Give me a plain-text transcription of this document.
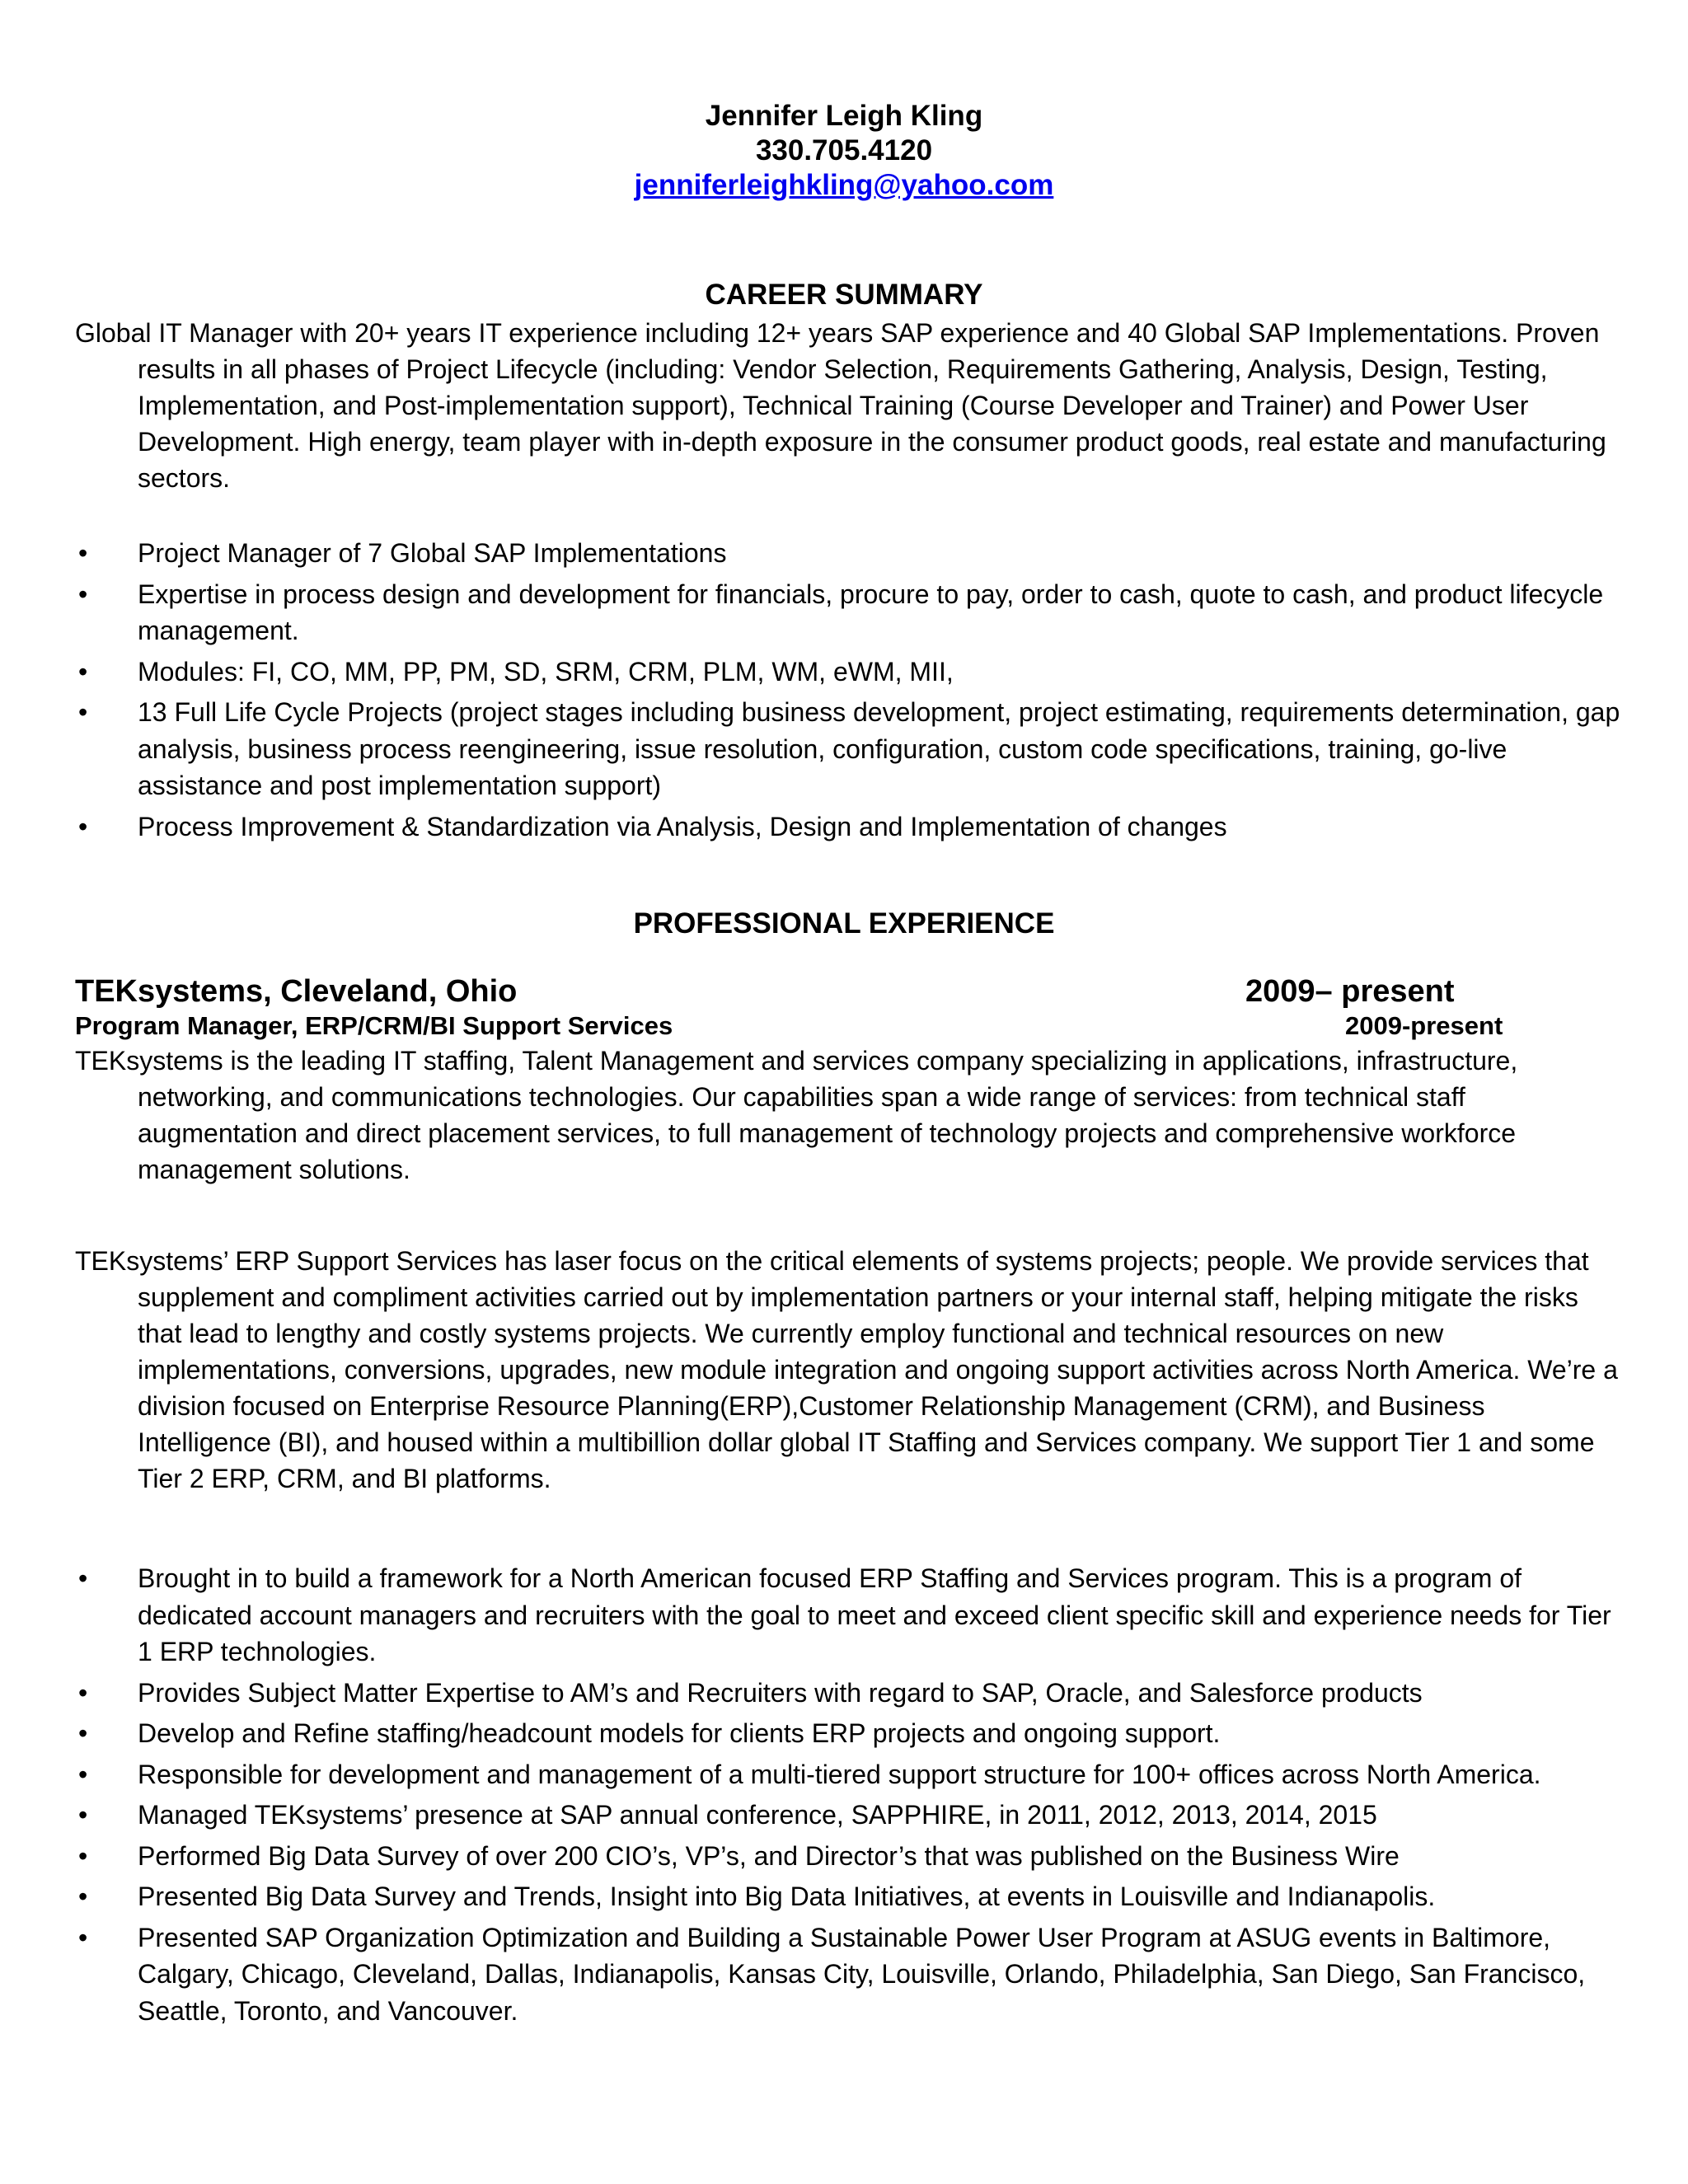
Jennifer Leigh Kling
330.705.4120
jenniferleighkling@yahoo.com
CAREER SUMMARY
Global IT Manager with 20+ years IT experience including 12+ years SAP experience and 40 Global SAP Implementations. Proven results in all phases of Project Lifecycle (including: Vendor Selection, Requirements Gathering, Analysis, Design, Testing, Implementation, and Post-implementation support), Technical Training (Course Developer and Trainer) and Power User Development. High energy, team player with in-depth exposure in the consumer product goods, real estate and manufacturing sectors.
• Project Manager of 7 Global SAP Implementations
• Expertise in process design and development for financials, procure to pay, order to cash, quote to cash, and product lifecycle management.
• Modules: FI, CO, MM, PP, PM, SD, SRM, CRM, PLM, WM, eWM, MII,
• 13 Full Life Cycle Projects (project stages including business development, project estimating, requirements determination, gap analysis, business process reengineering, issue resolution, configuration, custom code specifications, training, go-live assistance and post implementation support)
• Process Improvement & Standardization via Analysis, Design and Implementation of changes
PROFESSIONAL EXPERIENCE
TEKsystems, Cleveland, Ohio	2009– present
Program Manager, ERP/CRM/BI Support Services	2009-present
TEKsystems is the leading IT staffing, Talent Management and services company specializing in applications, infrastructure, networking, and communications technologies. Our capabilities span a wide range of services: from technical staff augmentation and direct placement services, to full management of technology projects and comprehensive workforce management solutions.
TEKsystems’ ERP Support Services has laser focus on the critical elements of systems projects; people. We provide services that supplement and compliment activities carried out by implementation partners or your internal staff, helping mitigate the risks that lead to lengthy and costly systems projects. We currently employ functional and technical resources on new implementations, conversions, upgrades, new module integration and ongoing support activities across North America. We’re a division focused on Enterprise Resource Planning(ERP),Customer Relationship Management (CRM), and Business Intelligence (BI), and housed within a multibillion dollar global IT Staffing and Services company. We support Tier 1 and some Tier 2 ERP, CRM, and BI platforms.
• Brought in to build a framework for a North American focused ERP Staffing and Services program. This is a program of dedicated account managers and recruiters with the goal to meet and exceed client specific skill and experience needs for Tier 1 ERP technologies.
• Provides Subject Matter Expertise to AM’s and Recruiters with regard to SAP, Oracle, and Salesforce products
• Develop and Refine staffing/headcount models for clients ERP projects and ongoing support.
• Responsible for development and management of a multi-tiered support structure for 100+ offices across North America.
• Managed TEKsystems’ presence at SAP annual conference, SAPPHIRE, in 2011, 2012, 2013, 2014, 2015
• Performed Big Data Survey of over 200 CIO’s, VP’s, and Director’s that was published on the Business Wire
• Presented Big Data Survey and Trends, Insight into Big Data Initiatives, at events in Louisville and Indianapolis.
• Presented SAP Organization Optimization and Building a Sustainable Power User Program at ASUG events in Baltimore, Calgary, Chicago, Cleveland, Dallas, Indianapolis, Kansas City, Louisville, Orlando, Philadelphia, San Diego, San Francisco, Seattle, Toronto, and Vancouver.
